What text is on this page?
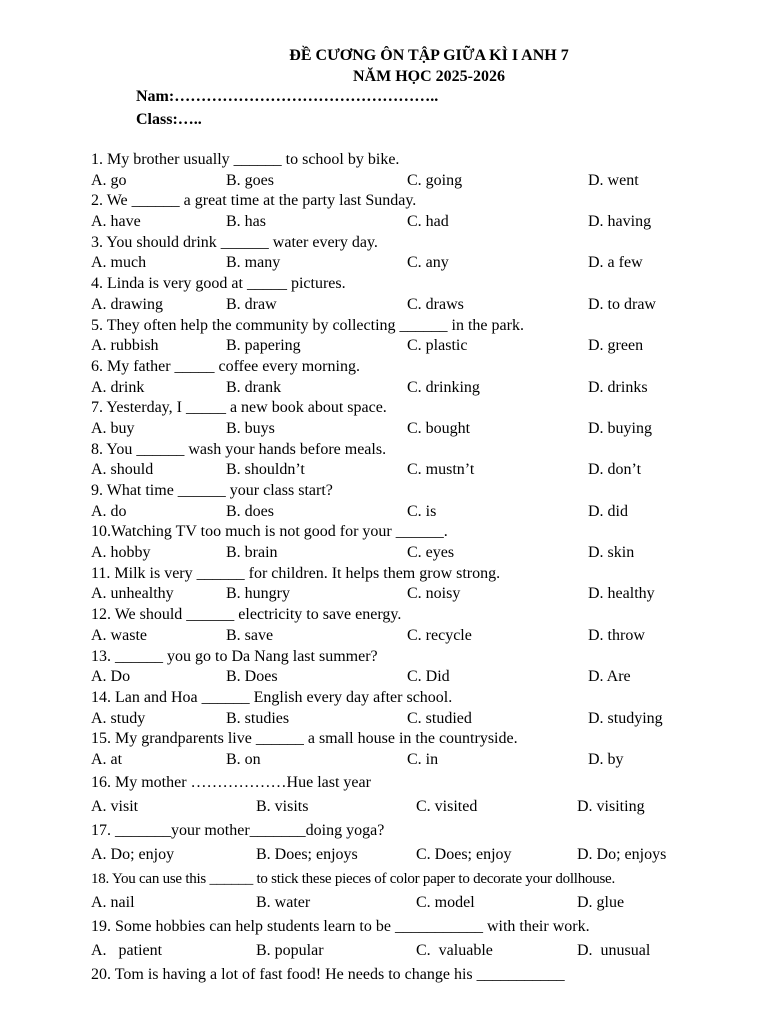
ĐỀ CƯƠNG ÔN TẬP GIỮA KÌ I ANH 7
NĂM HỌC 2025-2026
Nam:…………………………………………..
Class:…..
1. My brother usually ______ to school by bike.
A. go	B. goes	C. going	D. went
2. We ______ a great time at the party last Sunday.
A. have	B. has	C. had	D. having
3. You should drink ______ water every day.
A. much	B. many	C. any	D. a few
4. Linda is very good at _____ pictures.
A. drawing	B. draw	C. draws	D. to draw
5. They often help the community by collecting ______ in the park.
A. rubbish	B. papering	C. plastic	D. green
6. My father _____ coffee every morning.
A. drink	B. drank	C. drinking	D. drinks
7. Yesterday, I _____ a new book about space.
A. buy	B. buys	C. bought	D. buying
8. You ______ wash your hands before meals.
A. should	B. shouldn’t	C. mustn’t	D. don’t
9. What time ______ your class start?
A. do	B. does	C. is	D. did
10.Watching TV too much is not good for your ______.
A. hobby	B. brain	C. eyes	D. skin
11. Milk is very ______ for children. It helps them grow strong.
A. unhealthy	B. hungry	C. noisy	D. healthy
12. We should ______ electricity to save energy.
A. waste	B. save	C. recycle	D. throw
13. ______ you go to Da Nang last summer?
A. Do	B. Does	C. Did	D. Are
14. Lan and Hoa ______ English every day after school.
A. study	B. studies	C. studied	D. studying
15. My grandparents live ______ a small house in the countryside.
A. at	B. on	C. in	D. by
16. My mother ………………Hue last year
A. visit	B. visits	C. visited	D. visiting
17. _______your mother_______doing yoga?
A. Do; enjoy	B. Does; enjoys	C. Does; enjoy	D. Do; enjoys
18. You can use this ______ to stick these pieces of color paper to decorate your dollhouse.
A. nail	B. water	C. model	D. glue
19. Some hobbies can help students learn to be ___________ with their work.
A.   patient	B. popular	C.  valuable	D.  unusual
20. Tom is having a lot of fast food! He needs to change his ___________
